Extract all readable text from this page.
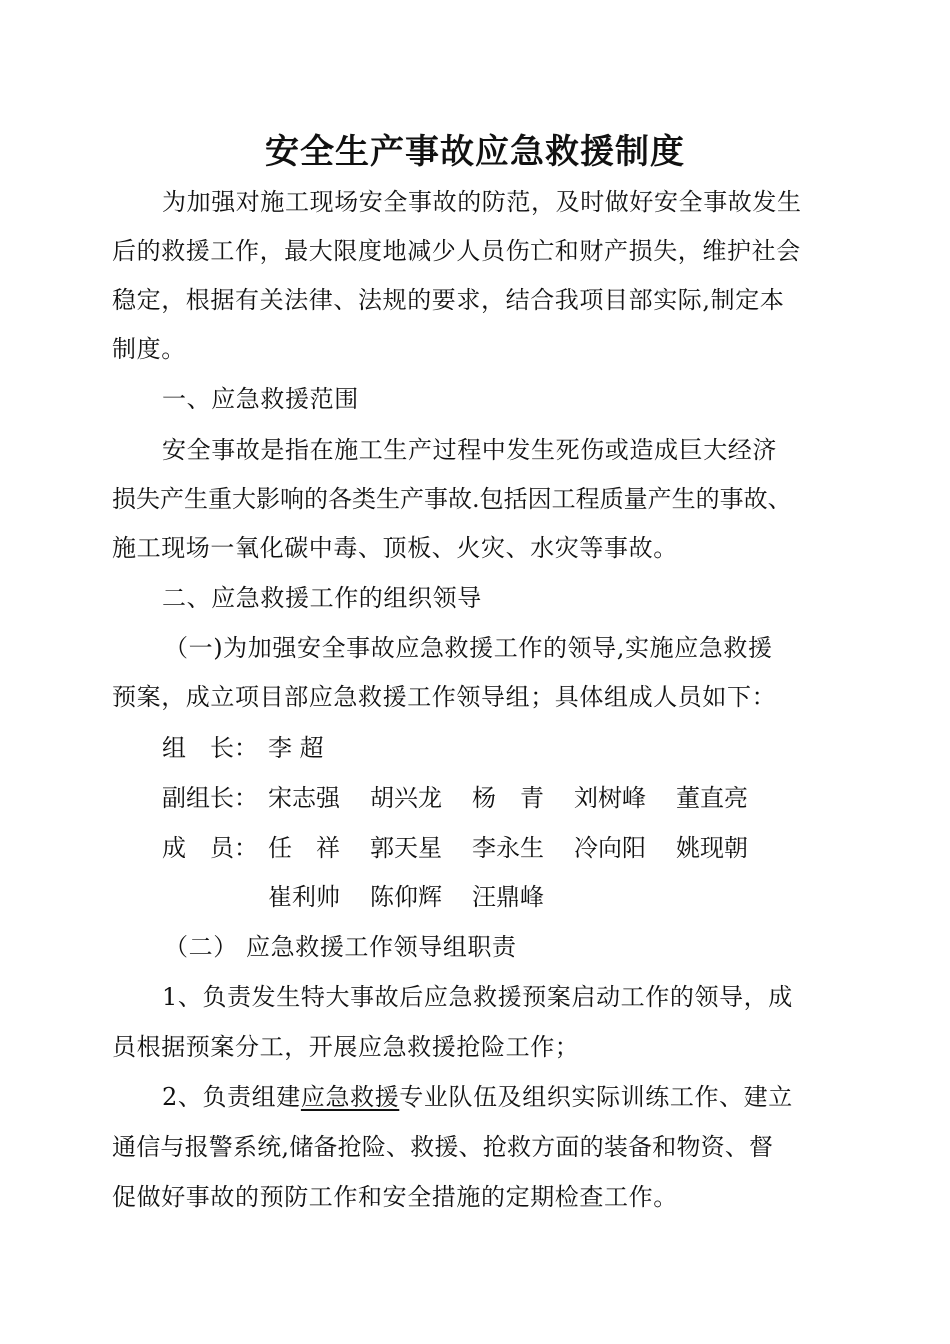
安全生产事故应急救援制度
为加强对施工现场安全事故的防范，及时做好安全事故发生
后的救援工作，最大限度地减少人员伤亡和财产损失，维护社会
稳定，根据有关法律、法规的要求，结合我项目部实际,制定本
制度。
一、应急救援范围
安全事故是指在施工生产过程中发生死伤或造成巨大经济
损失产生重大影响的各类生产事故.包括因工程质量产生的事故、
施工现场一氧化碳中毒、顶板、火灾、水灾等事故。
二、应急救援工作的组织领导
（一)为加强安全事故应急救援工作的领导,实施应急救援
预案，成立项目部应急救援工作领导组；具体组成人员如下：
组　长： 李 超
副组长： 宋志强 胡兴龙 杨　青 刘树峰 董直亮
成　员： 任　祥 郭天星 李永生 冷向阳 姚现朝
崔利帅 陈仰辉 汪鼎峰
（二） 应急救援工作领导组职责
1、负责发生特大事故后应急救援预案启动工作的领导，成
员根据预案分工，开展应急救援抢险工作；
2、负责组建应急救援专业队伍及组织实际训练工作、建立
通信与报警系统,储备抢险、救援、抢救方面的装备和物资、督
促做好事故的预防工作和安全措施的定期检查工作。
